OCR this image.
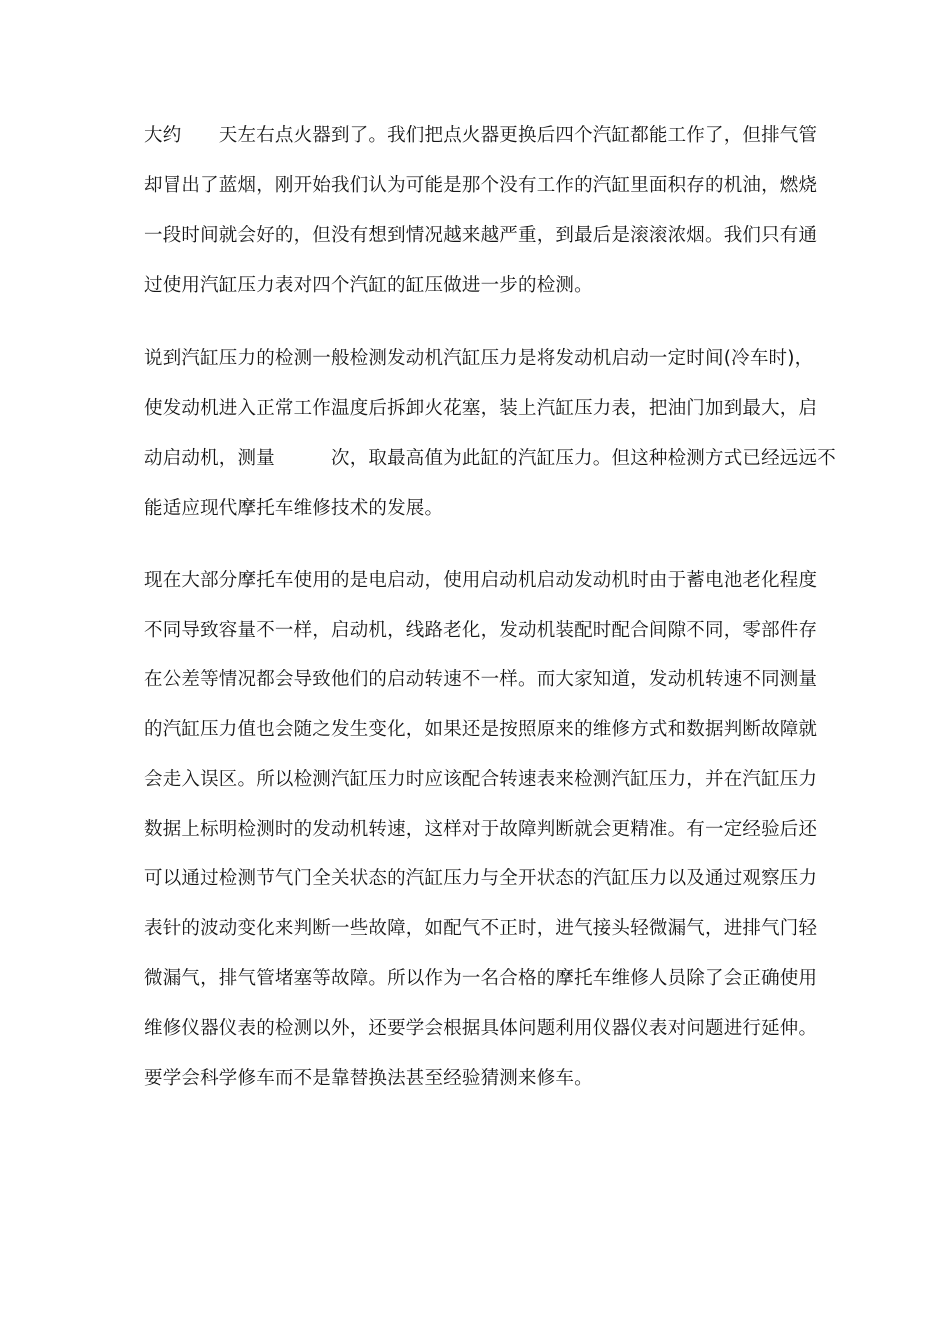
大约　　天左右点火器到了。我们把点火器更换后四个汽缸都能工作了，但排气管
却冒出了蓝烟，刚开始我们认为可能是那个没有工作的汽缸里面积存的机油，燃烧
一段时间就会好的，但没有想到情况越来越严重，到最后是滚滚浓烟。我们只有通
过使用汽缸压力表对四个汽缸的缸压做进一步的检测。
说到汽缸压力的检测一般检测发动机汽缸压力是将发动机启动一定时间(冷车时)，
使发动机进入正常工作温度后拆卸火花塞，装上汽缸压力表，把油门加到最大，启
动启动机，测量　　　次，取最高值为此缸的汽缸压力。但这种检测方式已经远远不
能适应现代摩托车维修技术的发展。
现在大部分摩托车使用的是电启动，使用启动机启动发动机时由于蓄电池老化程度
不同导致容量不一样，启动机，线路老化，发动机装配时配合间隙不同，零部件存
在公差等情况都会导致他们的启动转速不一样。而大家知道，发动机转速不同测量
的汽缸压力值也会随之发生变化，如果还是按照原来的维修方式和数据判断故障就
会走入误区。所以检测汽缸压力时应该配合转速表来检测汽缸压力，并在汽缸压力
数据上标明检测时的发动机转速，这样对于故障判断就会更精准。有一定经验后还
可以通过检测节气门全关状态的汽缸压力与全开状态的汽缸压力以及通过观察压力
表针的波动变化来判断一些故障，如配气不正时，进气接头轻微漏气，进排气门轻
微漏气，排气管堵塞等故障。所以作为一名合格的摩托车维修人员除了会正确使用
维修仪器仪表的检测以外，还要学会根据具体问题利用仪器仪表对问题进行延伸。
要学会科学修车而不是靠替换法甚至经验猜测来修车。
